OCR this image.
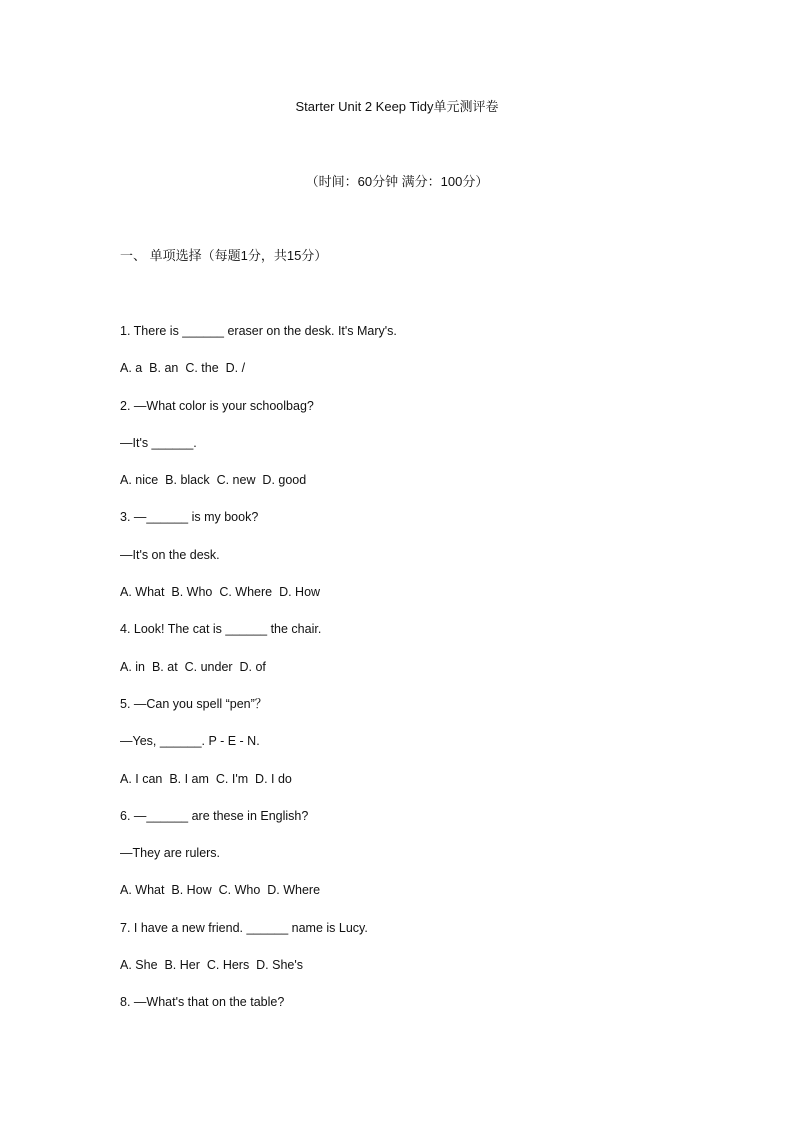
Starter Unit 2 Keep Tidy单元测评卷
（时间：60分钟 满分：100分）
一、 单项选择（每题1分，共15分）
1. There is ______ eraser on the desk. It's Mary's.
A. a  B. an  C. the  D. /
2. —What color is your schoolbag?
—It's ______.
A. nice  B. black  C. new  D. good
3. —______ is my book?
—It's on the desk.
A. What  B. Who  C. Where  D. How
4. Look! The cat is ______ the chair.
A. in  B. at  C. under  D. of
5. —Can you spell “pen”？
—Yes, ______. P - E - N.
A. I can  B. I am  C. I'm  D. I do
6. —______ are these in English?
—They are rulers.
A. What  B. How  C. Who  D. Where
7. I have a new friend. ______ name is Lucy.
A. She  B. Her  C. Hers  D. She's
8. —What's that on the table?
